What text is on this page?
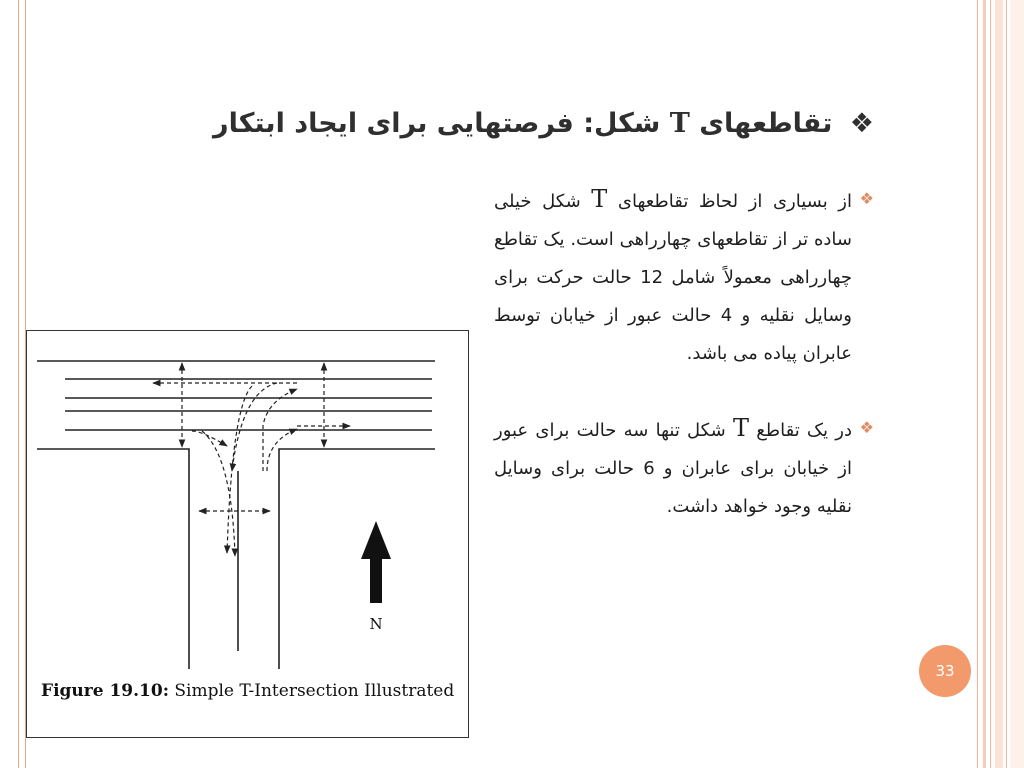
❖ تقاطعهای T شکل: فرصتهایی برای ایجاد ابتکار

❖
از بسیاری از لحاظ تقاطعهای T شکل خیلی ساده تر از تقاطعهای چهارراهی است. یک تقاطع چهارراهی معمولاً شامل 12 حالت حرکت برای وسایل نقلیه و 4 حالت عبور از خیابان توسط عابران پیاده می باشد.

❖
در یک تقاطع T شکل تنها سه حالت برای عبور از خیابان برای عابران و 6 حالت برای وسایل نقلیه وجود خواهد داشت.

N
Figure 19.10: Simple T-Intersection Illustrated
33
